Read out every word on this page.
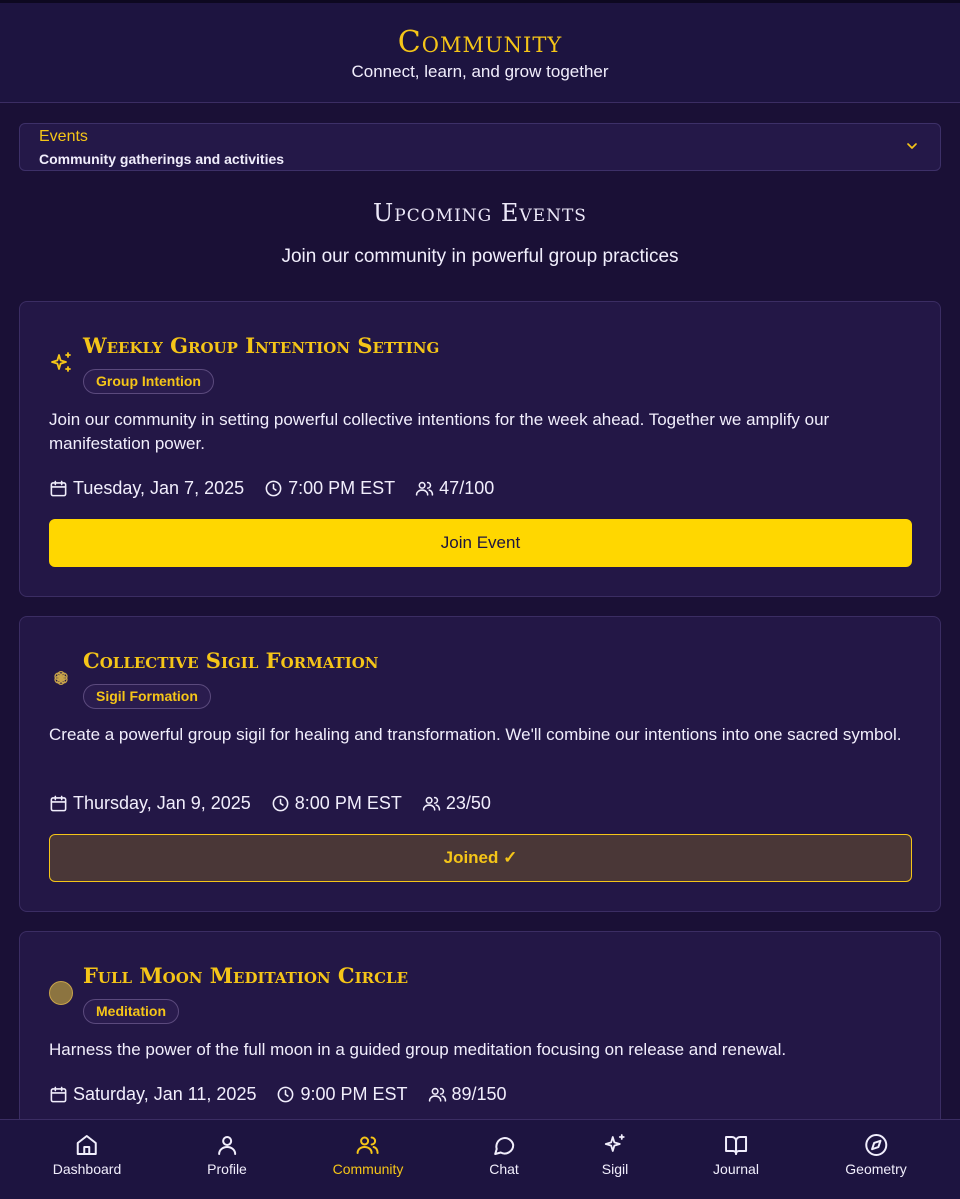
Community
Connect, learn, and grow together
Events
Community gatherings and activities
Upcoming Events
Join our community in powerful group practices
Weekly Group Intention Setting
Group Intention
Join our community in setting powerful collective intentions for the week ahead. Together we amplify our manifestation power.
Tuesday, Jan 7, 2025 7:00 PM EST 47/100
Join Event
Collective Sigil Formation
Sigil Formation
Create a powerful group sigil for healing and transformation. We'll combine our intentions into one sacred symbol.
Thursday, Jan 9, 2025 8:00 PM EST 23/50
Joined ✓
Full Moon Meditation Circle
Meditation
Harness the power of the full moon in a guided group meditation focusing on release and renewal.
Saturday, Jan 11, 2025 9:00 PM EST 89/150
Dashboard	Profile	Community	Chat	Sigil	Journal	Geometry
